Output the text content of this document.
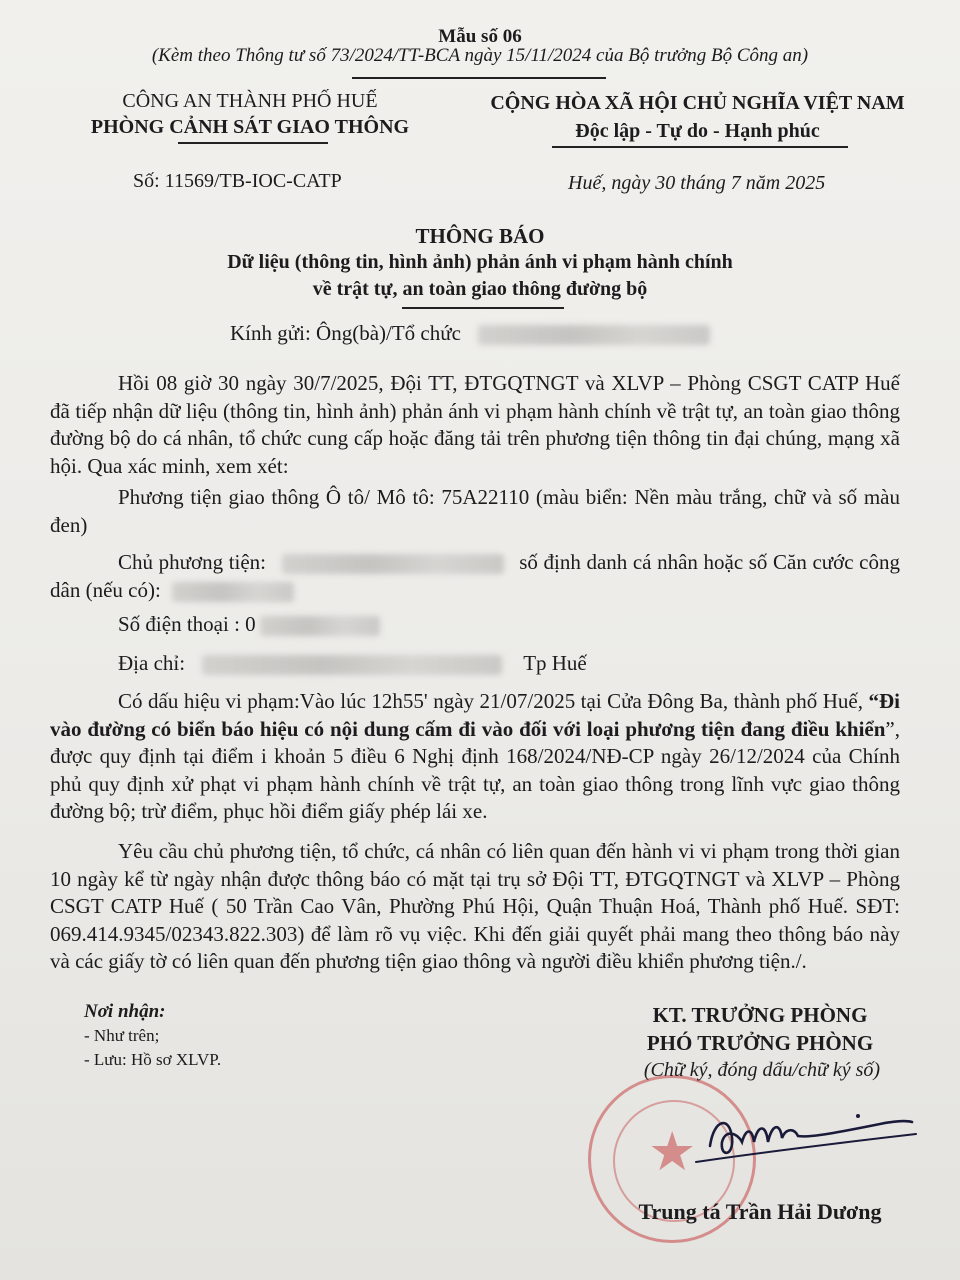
Mẫu số 06
(Kèm theo Thông tư số 73/2024/TT-BCA ngày 15/11/2024 của Bộ trưởng Bộ Công an)
CÔNG AN THÀNH PHỐ HUẾ
PHÒNG CẢNH SÁT GIAO THÔNG
Số: 11569/TB-IOC-CATP
CỘNG HÒA XÃ HỘI CHỦ NGHĨA VIỆT NAM
Độc lập - Tự do - Hạnh phúc
Huế, ngày 30 tháng 7 năm 2025
THÔNG BÁO
Dữ liệu (thông tin, hình ảnh) phản ánh vi phạm hành chính
về trật tự, an toàn giao thông đường bộ
Kính gửi: Ông(bà)/Tổ chức

Hồi 08 giờ 30 ngày 30/7/2025, Đội TT, ĐTGQTNGT và XLVP – Phòng CSGT CATP Huế đã tiếp nhận dữ liệu (thông tin, hình ảnh) phản ánh vi phạm hành chính về trật tự, an toàn giao thông đường bộ do cá nhân, tổ chức cung cấp hoặc đăng tải trên phương tiện thông tin đại chúng, mạng xã hội. Qua xác minh, xem xét:

Phương tiện giao thông Ô tô/ Mô tô: 75A22110 (màu biển: Nền màu trắng, chữ và số màu đen)

Chủ phương tiện:	số định danh cá nhân hoặc số Căn cước công dân (nếu có):

Số điện thoại : 0
Địa chỉ:	Tp Huế

Có dấu hiệu vi phạm:Vào lúc 12h55' ngày 21/07/2025 tại Cửa Đông Ba, thành phố Huế, “Đi vào đường có biển báo hiệu có nội dung cấm đi vào đối với loại phương tiện đang điều khiển”, được quy định tại điểm i khoản 5 điều 6 Nghị định 168/2024/NĐ-CP ngày 26/12/2024 của Chính phủ quy định xử phạt vi phạm hành chính về trật tự, an toàn giao thông trong lĩnh vực giao thông đường bộ; trừ điểm, phục hồi điểm giấy phép lái xe.

Yêu cầu chủ phương tiện, tổ chức, cá nhân có liên quan đến hành vi vi phạm trong thời gian 10 ngày kể từ ngày nhận được thông báo có mặt tại trụ sở Đội TT, ĐTGQTNGT và XLVP – Phòng CSGT CATP Huế ( 50 Trần Cao Vân, Phường Phú Hội, Quận Thuận Hoá, Thành phố Huế. SĐT: 069.414.9345/02343.822.303) để làm rõ vụ việc. Khi đến giải quyết phải mang theo thông báo này và các giấy tờ có liên quan đến phương tiện giao thông và người điều khiển phương tiện./.

Nơi nhận:
- Như trên;
- Lưu: Hồ sơ XLVP.
★
KT. TRƯỞNG PHÒNG
PHÓ TRƯỞNG PHÒNG
(Chữ ký, đóng dấu/chữ ký số)
Trung tá Trần Hải Dương
